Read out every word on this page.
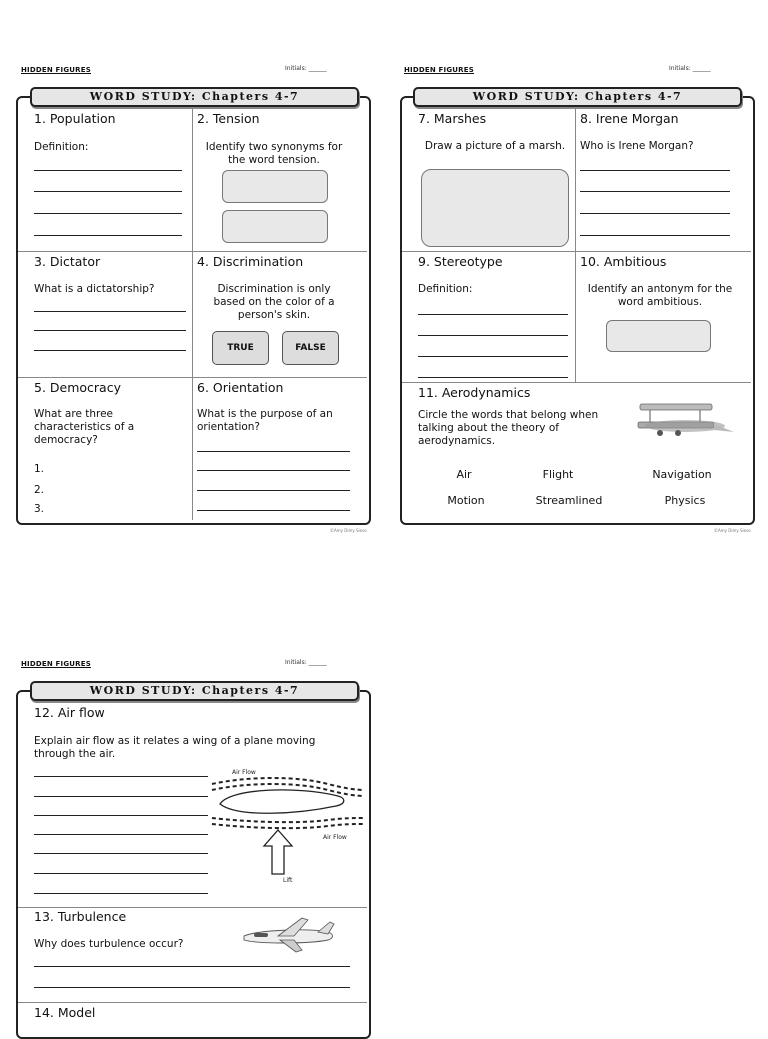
HIDDEN FIGURES	Initials: ______
WORD STUDY: Chapters 4-7
1. Population
Definition:
2. Tension
Identify two synonyms for the word tension.
3. Dictator
What is a dictatorship?
4. Discrimination
Discrimination is only based on the color of a person's skin.
TRUE	FALSE
5. Democracy
What are three characteristics of a democracy?
1.
2.
3.
6. Orientation
What is the purpose of an orientation?
©Amy Dimy Siese
HIDDEN FIGURES	Initials: ______
WORD STUDY: Chapters 4-7
7. Marshes
Draw a picture of a marsh.
8. Irene Morgan
Who is Irene Morgan?
9. Stereotype
Definition:
10. Ambitious
Identify an antonym for the word ambitious.
11. Aerodynamics
Circle the words that belong when talking about the theory of aerodynamics.
Air	Flight	Navigation
Motion	Streamlined	Physics
©Amy Dimy Siese
HIDDEN FIGURES	Initials: ______
WORD STUDY: Chapters 4-7
12. Air flow
Explain air flow as it relates a wing of a plane moving through the air.
Air Flow
Air Flow
Lift
13. Turbulence
Why does turbulence occur?
14. Model
